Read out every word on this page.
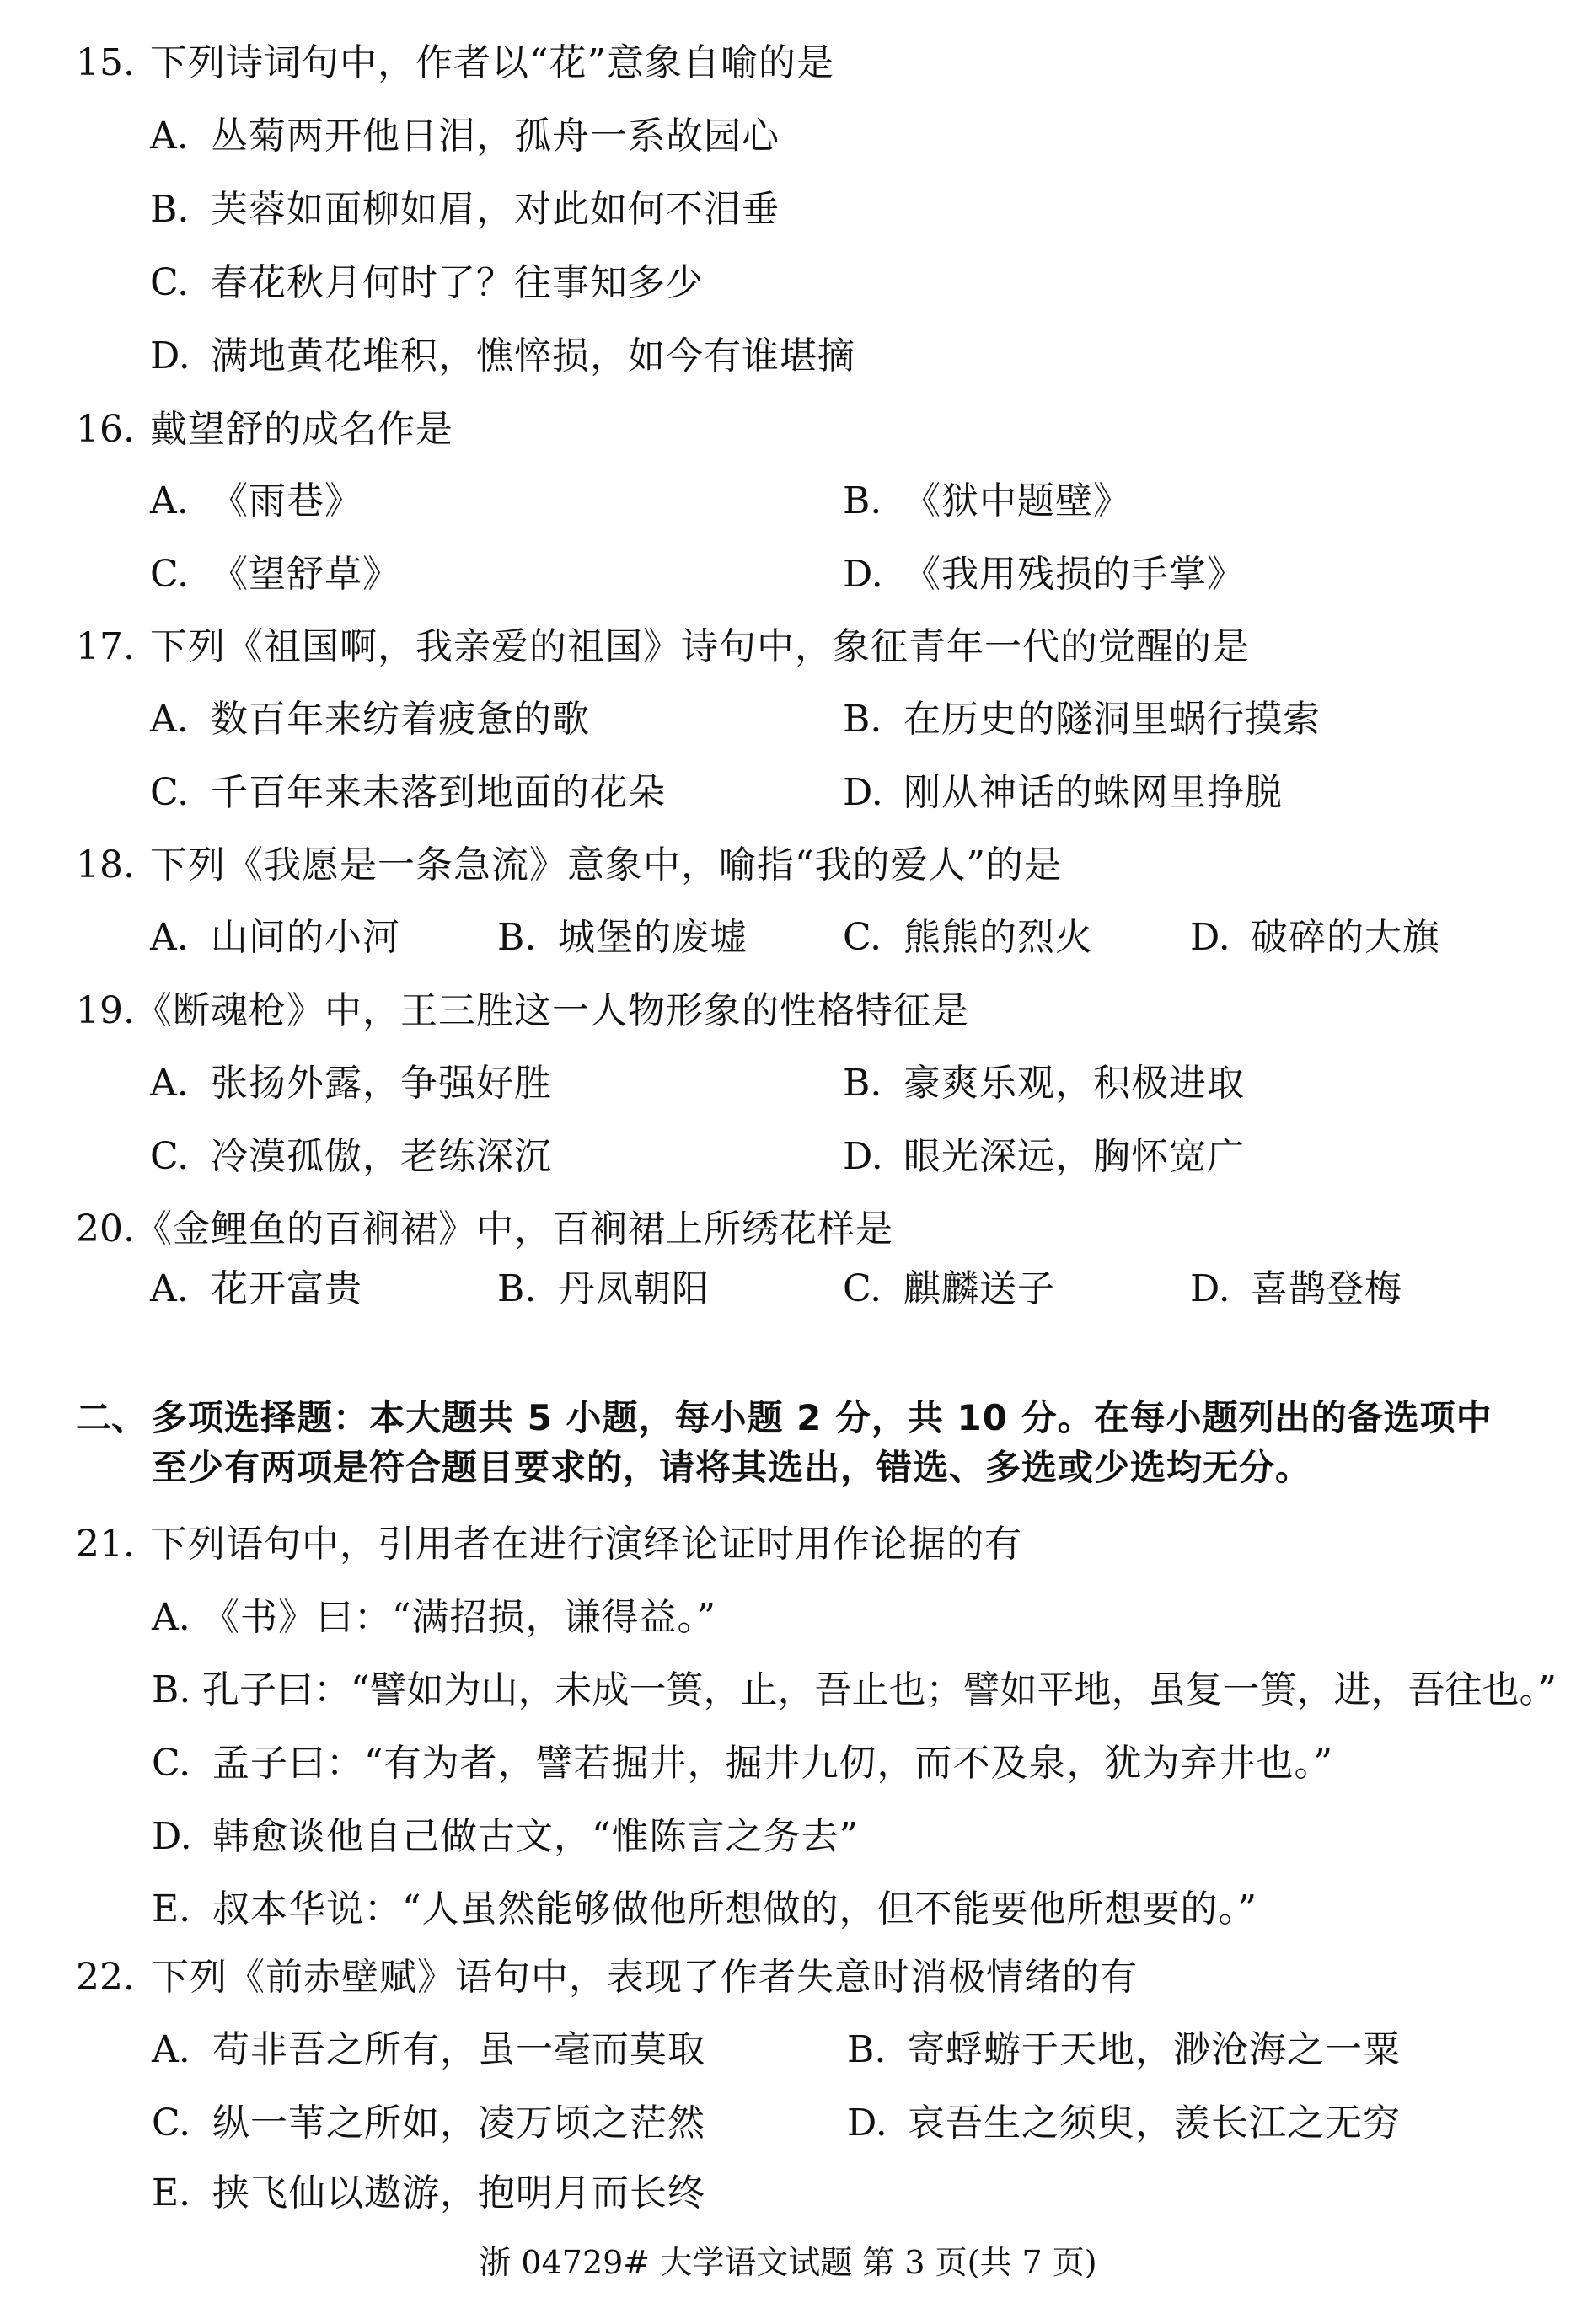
15. 下列诗词句中，作者以“花”意象自喻的是
A. 丛菊两开他日泪，孤舟一系故园心
B. 芙蓉如面柳如眉，对此如何不泪垂
C. 春花秋月何时了？往事知多少
D. 满地黄花堆积，憔悴损，如今有谁堪摘
16. 戴望舒的成名作是
A. 《雨巷》	B. 《狱中题壁》
C. 《望舒草》	D. 《我用残损的手掌》
17. 下列《祖国啊，我亲爱的祖国》诗句中，象征青年一代的觉醒的是
A. 数百年来纺着疲惫的歌	B. 在历史的隧洞里蜗行摸索
C. 千百年来未落到地面的花朵	D. 刚从神话的蛛网里挣脱
18. 下列《我愿是一条急流》意象中，喻指“我的爱人”的是
A. 山间的小河	B. 城堡的废墟	C. 熊熊的烈火	D. 破碎的大旗
19. 《断魂枪》中，王三胜这一人物形象的性格特征是
A. 张扬外露，争强好胜	B. 豪爽乐观，积极进取
C. 冷漠孤傲，老练深沉	D. 眼光深远，胸怀宽广
20. 《金鲤鱼的百裥裙》中，百裥裙上所绣花样是
A. 花开富贵	B. 丹凤朝阳	C. 麒麟送子	D. 喜鹊登梅
二、 多项选择题：本大题共 5 小题，每小题 2 分，共 10 分。在每小题列出的备选项中
至少有两项是符合题目要求的，请将其选出，错选、多选或少选均无分。
21. 下列语句中，引用者在进行演绎论证时用作论据的有
A. 《书》曰：“满招损，谦得益。”
B. 孔子曰：“譬如为山，未成一篑，止，吾止也；譬如平地，虽复一篑，进，吾往也。”
C. 孟子曰：“有为者，譬若掘井，掘井九仞，而不及泉，犹为弃井也。”
D. 韩愈谈他自己做古文，“惟陈言之务去”
E. 叔本华说：“人虽然能够做他所想做的，但不能要他所想要的。”
22. 下列《前赤壁赋》语句中，表现了作者失意时消极情绪的有
A. 苟非吾之所有，虽一毫而莫取	B. 寄蜉蝣于天地，渺沧海之一粟
C. 纵一苇之所如，凌万顷之茫然	D. 哀吾生之须臾，羡长江之无穷
E. 挟飞仙以遨游，抱明月而长终
浙 04729# 大学语文试题 第 3 页(共 7 页)
